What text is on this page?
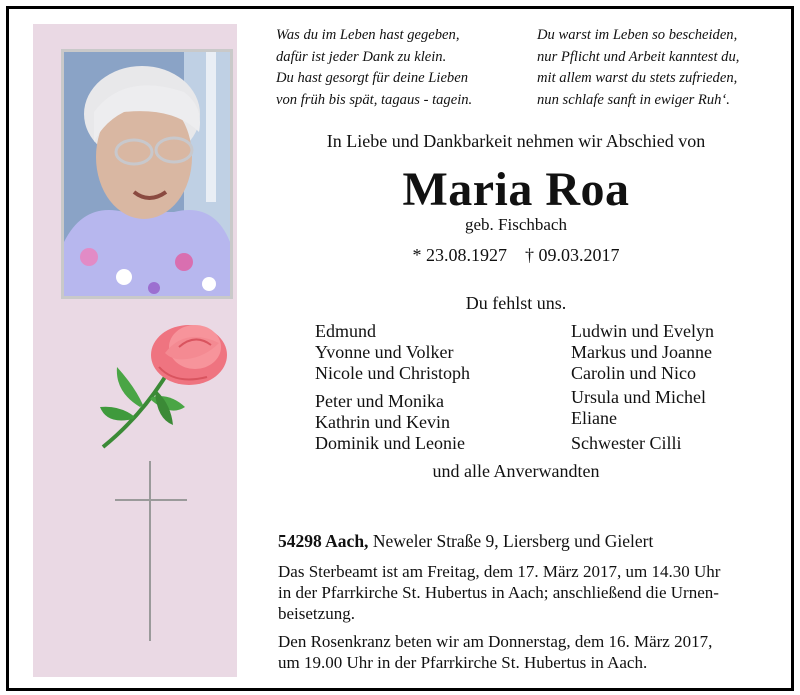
Was du im Leben hast gegeben,
dafür ist jeder Dank zu klein.
Du hast gesorgt für deine Lieben
von früh bis spät, tagaus - tagein.
Du warst im Leben so bescheiden,
nur Pflicht und Arbeit kanntest du,
mit allem warst du stets zufrieden,
nun schlafe sanft in ewiger Ruh‘.
In Liebe und Dankbarkeit nehmen wir Abschied von
Maria Roa
geb. Fischbach
* 23.08.1927 † 09.03.2017
Du fehlst uns.
Edmund
Yvonne und Volker
Nicole und Christoph
Peter und Monika
Kathrin und Kevin
Dominik und Leonie
Ludwin und Evelyn
Markus und Joanne
Carolin und Nico
Ursula und Michel
Eliane
Schwester Cilli
und alle Anverwandten
54298 Aach, Neweler Straße 9, Liersberg und Gielert
Das Sterbeamt ist am Freitag, dem 17. März 2017, um 14.30 Uhr
in der Pfarrkirche St. Hubertus in Aach; anschließend die Urnen-
beisetzung.
Den Rosenkranz beten wir am Donnerstag, dem 16. März 2017,
um 19.00 Uhr in der Pfarrkirche St. Hubertus in Aach.
